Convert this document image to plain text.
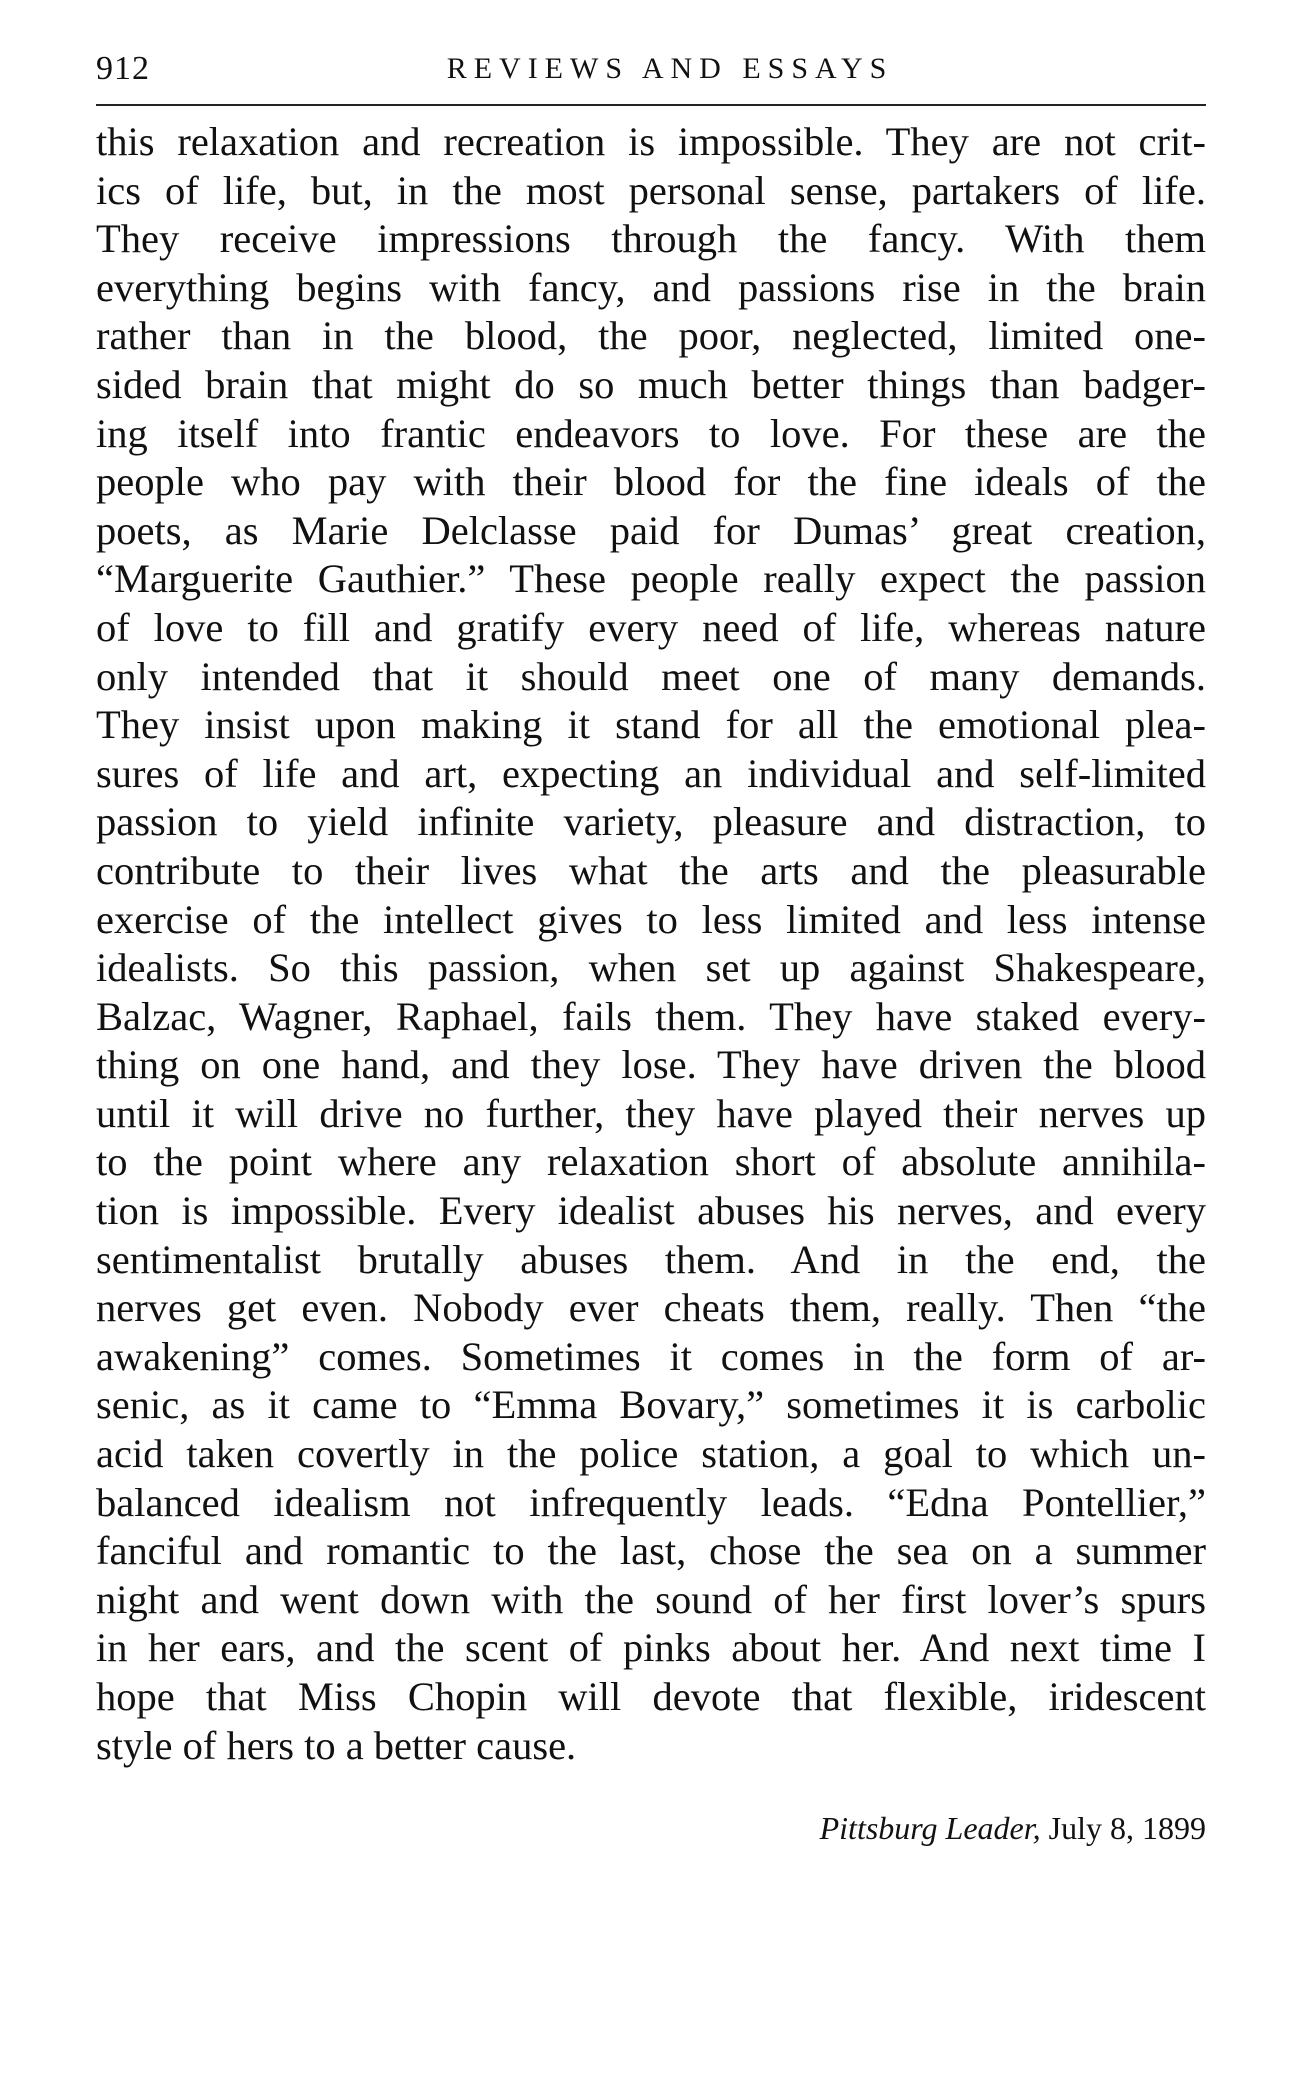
912	REVIEWS AND ESSAYS
this relaxation and recreation is impossible. They are not crit-
ics of life, but, in the most personal sense, partakers of life.
They receive impressions through the fancy. With them
everything begins with fancy, and passions rise in the brain
rather than in the blood, the poor, neglected, limited one-
sided brain that might do so much better things than badger-
ing itself into frantic endeavors to love. For these are the
people who pay with their blood for the fine ideals of the
poets, as Marie Delclasse paid for Dumas’ great creation,
“Marguerite Gauthier.” These people really expect the passion
of love to fill and gratify every need of life, whereas nature
only intended that it should meet one of many demands.
They insist upon making it stand for all the emotional plea-
sures of life and art, expecting an individual and self-limited
passion to yield infinite variety, pleasure and distraction, to
contribute to their lives what the arts and the pleasurable
exercise of the intellect gives to less limited and less intense
idealists. So this passion, when set up against Shakespeare,
Balzac, Wagner, Raphael, fails them. They have staked every-
thing on one hand, and they lose. They have driven the blood
until it will drive no further, they have played their nerves up
to the point where any relaxation short of absolute annihila-
tion is impossible. Every idealist abuses his nerves, and every
sentimentalist brutally abuses them. And in the end, the
nerves get even. Nobody ever cheats them, really. Then “the
awakening” comes. Sometimes it comes in the form of ar-
senic, as it came to “Emma Bovary,” sometimes it is carbolic
acid taken covertly in the police station, a goal to which un-
balanced idealism not infrequently leads. “Edna Pontellier,”
fanciful and romantic to the last, chose the sea on a summer
night and went down with the sound of her first lover’s spurs
in her ears, and the scent of pinks about her. And next time I
hope that Miss Chopin will devote that flexible, iridescent
style of hers to a better cause.
Pittsburg Leader, July 8, 1899
